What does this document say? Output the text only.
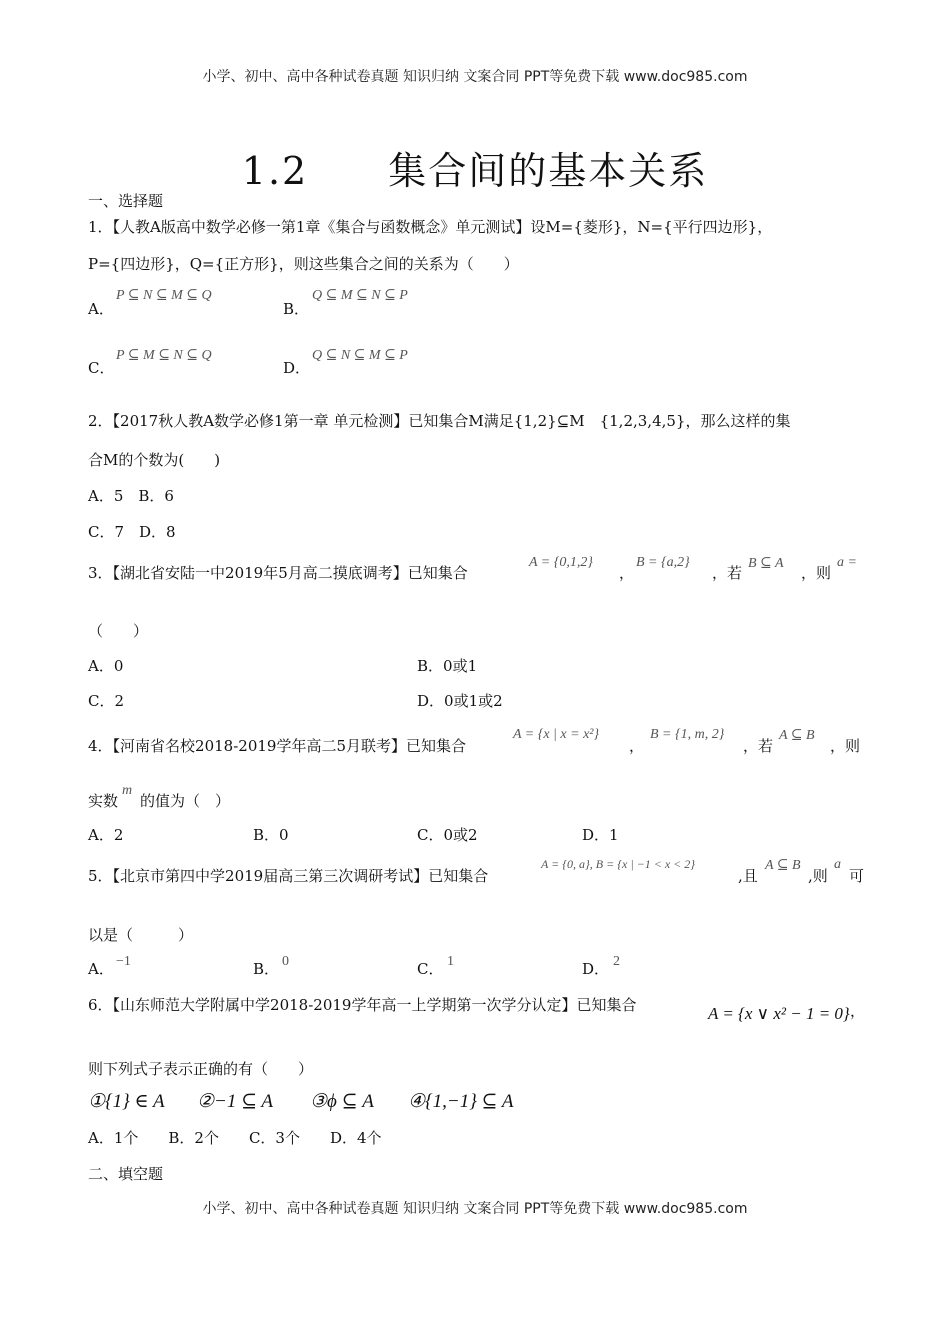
小学、初中、高中各种试卷真题 知识归纳 文案合同 PPT等免费下载 www.doc985.com
1.2　　集合间的基本关系
一、选择题
1．【人教A版高中数学必修一第1章《集合与函数概念》单元测试】设M={菱形}，N={平行四边形}，
P={四边形}，Q={正方形}，则这些集合之间的关系为（　　）
A．
P ⊆ N ⊆ M ⊆ Q
B．
Q ⊆ M ⊆ N ⊆ P
C．
P ⊆ M ⊆ N ⊆ Q
D．
Q ⊆ N ⊆ M ⊆ P
2．【2017秋人教A数学必修1第一章 单元检测】已知集合M满足{1,2}⊆M　{1,2,3,4,5}，那么这样的集
合M的个数为(　　)
A．5　B．6
C．7　D．8
3．【湖北省安陆一中2019年5月高二摸底调考】已知集合
A = {0,1,2}
，
B = {a,2}
，若
B ⊆ A
，则
a =
（　　）
A．0	B．0或1
C．2	D．0或1或2
4．【河南省名校2018-2019学年高二5月联考】已知集合
A = {x | x = x²}
，
B = {1, m, 2}
，若
A ⊆ B
，则
实数
m
的值为（　）
A．2	B．0	C．0或2	D．1
5．【北京市第四中学2019届高三第三次调研考试】已知集合
A = {0, a}, B = {x | −1 < x < 2}
,且
A ⊆ B
,则
a
可
以是（　　　）
A． −1	B． 0	C． 1	D． 2
6．【山东师范大学附属中学2018-2019学年高一上学期第一次学分认定】已知集合	A = {x ∨ x² − 1 = 0} ，
则下列式子表示正确的有（　　）
①{1} ∈ A ②−1 ⊆ A ③ϕ ⊆ A ④{1,−1} ⊆ A
A．1个　　B．2个　　C．3个　　D．4个
二、填空题
小学、初中、高中各种试卷真题 知识归纳 文案合同 PPT等免费下载 www.doc985.com
